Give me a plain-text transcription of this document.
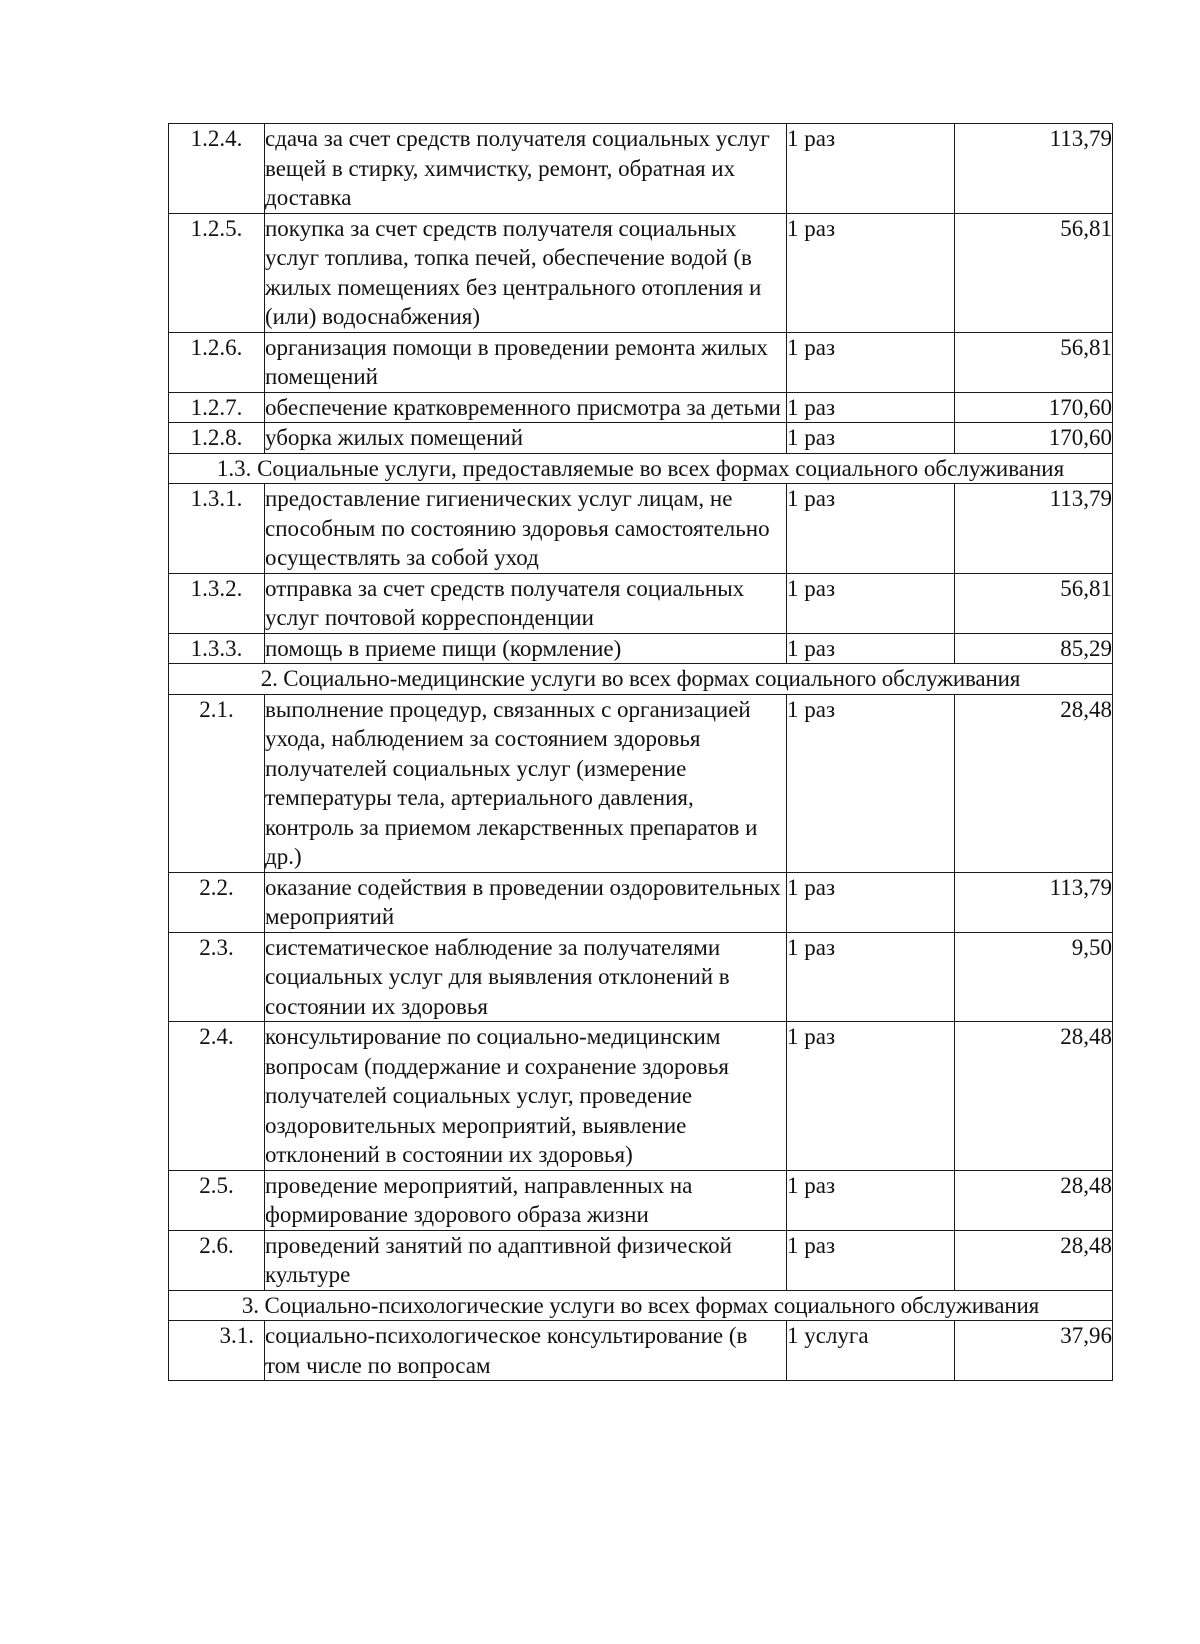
1.2.4.	сдача за счет средств получателя социальных услуг вещей в стирку, химчистку, ремонт, обратная их доставка	1 раз	113,79
1.2.5.	покупка за счет средств получателя социальных услуг топлива, топка печей, обеспечение водой (в жилых помещениях без центрального отопления и (или) водоснабжения)	1 раз	56,81
1.2.6.	организация помощи в проведении ремонта жилых помещений	1 раз	56,81
1.2.7.	обеспечение кратковременного присмотра за детьми	1 раз	170,60
1.2.8.	уборка жилых помещений	1 раз	170,60
1.3. Социальные услуги, предоставляемые во всех формах социального обслуживания			
1.3.1.	предоставление гигиенических услуг лицам, не способным по состоянию здоровья самостоятельно осуществлять за собой уход	1 раз	113,79
1.3.2.	отправка за счет средств получателя социальных услуг почтовой корреспонденции	1 раз	56,81
1.3.3.	помощь в приеме пищи (кормление)	1 раз	85,29
2. Социально-медицинские услуги во всех формах социального обслуживания			
2.1.	выполнение процедур, связанных с организацией ухода, наблюдением за состоянием здоровья получателей социальных услуг (измерение температуры тела, артериального давления, контроль за приемом лекарственных препаратов и др.)	1 раз	28,48
2.2.	оказание содействия в проведении оздоровительных мероприятий	1 раз	113,79
2.3.	систематическое наблюдение за получателями социальных услуг для выявления отклонений в состоянии их здоровья	1 раз	9,50
2.4.	консультирование по социально-медицинским вопросам (поддержание и сохранение здоровья получателей социальных услуг, проведение оздоровительных мероприятий, выявление отклонений в состоянии их здоровья)	1 раз	28,48
2.5.	проведение мероприятий, направленных на формирование здорового образа жизни	1 раз	28,48
2.6.	проведений занятий по адаптивной физической культуре	1 раз	28,48
3. Социально-психологические услуги во всех формах социального обслуживания			
3.1.	социально-психологическое консультирование (в том числе по вопросам	1 услуга	37,96
